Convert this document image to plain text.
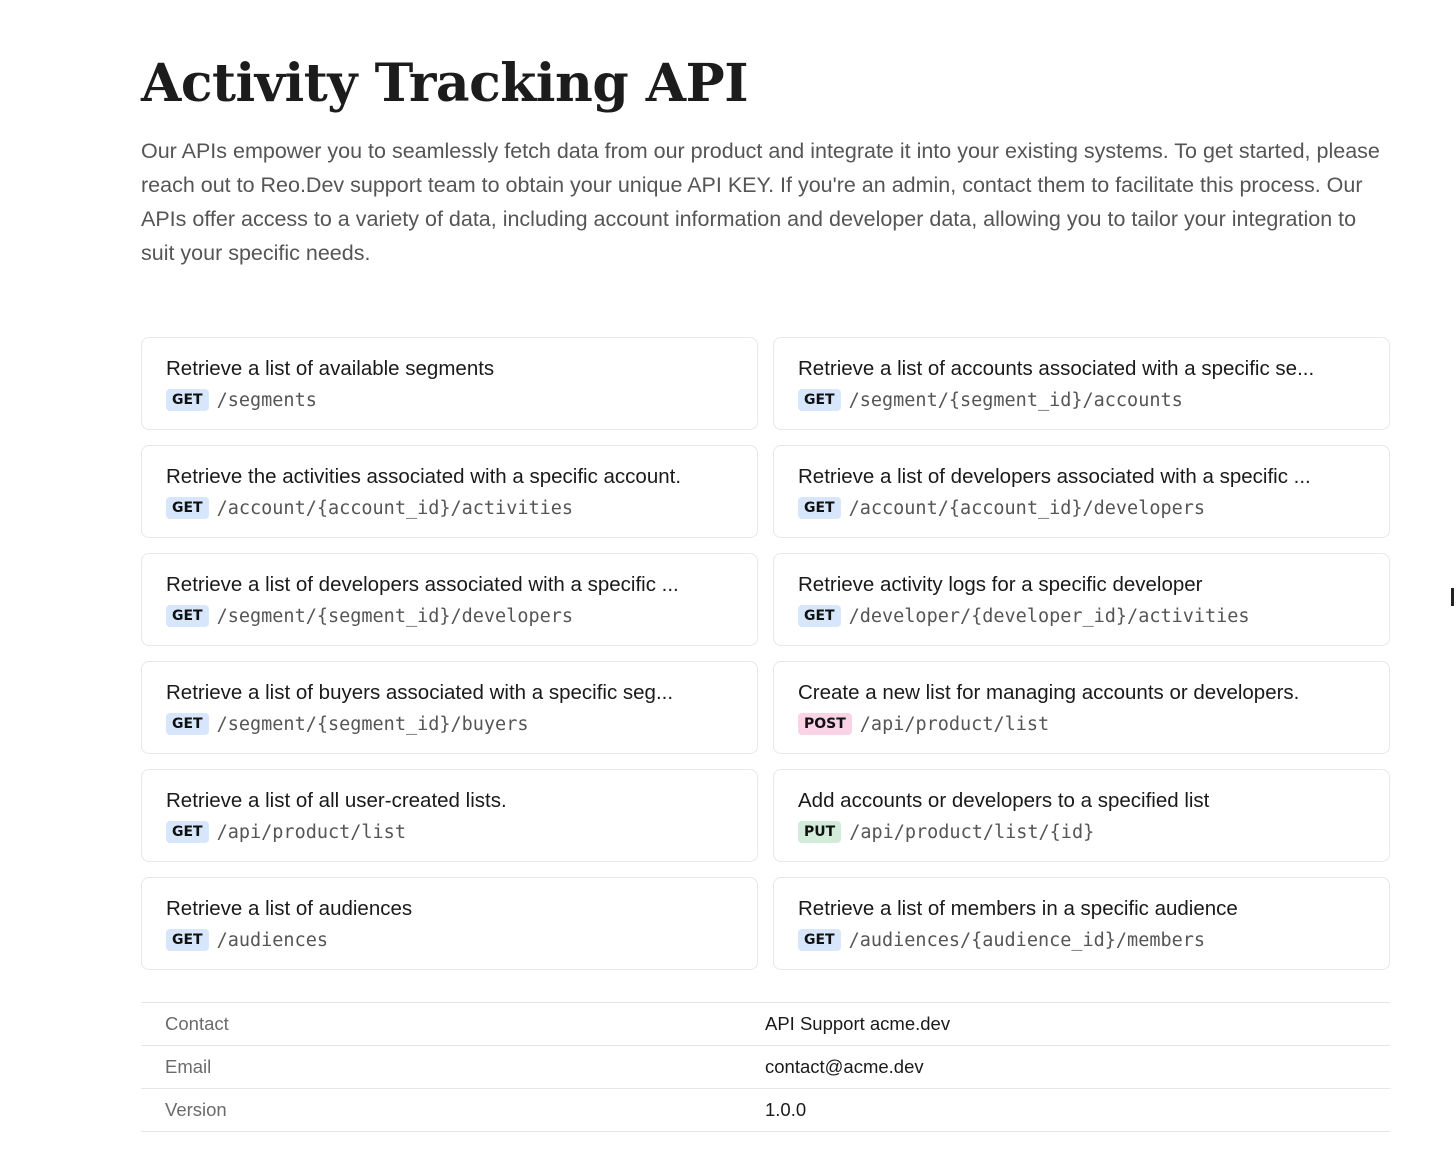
Activity Tracking API

Our APIs empower you to seamlessly fetch data from our product and integrate it into your existing systems. To get started, please reach out to Reo.Dev support team to obtain your unique API KEY. If you're an admin, contact them to facilitate this process. Our APIs offer access to a variety of data, including account information and developer data, allowing you to tailor your integration to suit your specific needs.

Retrieve a list of available segments
GET /segments
Retrieve a list of accounts associated with a specific se...
GET /segment/{segment_id}/accounts
Retrieve the activities associated with a specific account.
GET /account/{account_id}/activities
Retrieve a list of developers associated with a specific ...
GET /account/{account_id}/developers
Retrieve a list of developers associated with a specific ...
GET /segment/{segment_id}/developers
Retrieve activity logs for a specific developer
GET /developer/{developer_id}/activities
Retrieve a list of buyers associated with a specific seg...
GET /segment/{segment_id}/buyers
Create a new list for managing accounts or developers.
POST /api/product/list
Retrieve a list of all user-created lists.
GET /api/product/list
Add accounts or developers to a specified list
PUT /api/product/list/{id}
Retrieve a list of audiences
GET /audiences
Retrieve a list of members in a specific audience
GET /audiences/{audience_id}/members
Contact	API Support acme.dev
Email	contact@acme.dev
Version	1.0.0
